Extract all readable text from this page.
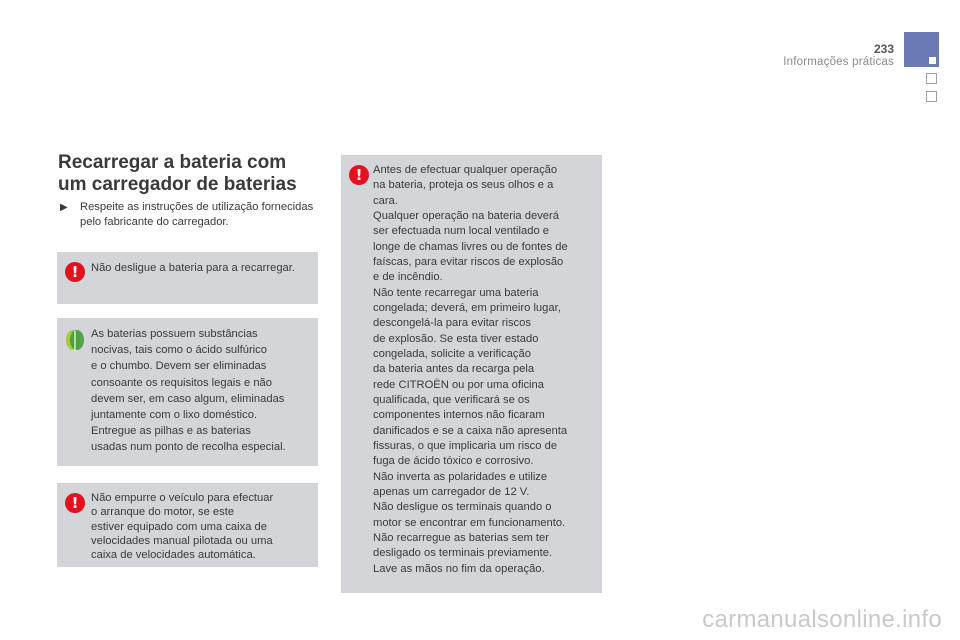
233
Informações práticas
Recarregar a bateria com
um carregador de baterias
▶	Respeite as instruções de utilização fornecidas pelo fabricante do carregador.
!	Não desligue a bateria para a recarregar.

As baterias possuem substâncias
nocivas, tais como o ácido sulfúrico
e o chumbo. Devem ser eliminadas
consoante os requisitos legais e não
devem ser, em caso algum, eliminadas
juntamente com o lixo doméstico.
Entregue as pilhas e as baterias
usadas num ponto de recolha especial.

!	Não empurre o veículo para efectuar
o arranque do motor, se este
estiver equipado com uma caixa de
velocidades manual pilotada ou uma
caixa de velocidades automática.

! Antes de efectuar qualquer operação
na bateria, proteja os seus olhos e a
cara.
Qualquer operação na bateria deverá
ser efectuada num local ventilado e
longe de chamas livres ou de fontes de
faíscas, para evitar riscos de explosão
e de incêndio.
Não tente recarregar uma bateria
congelada; deverá, em primeiro lugar,
descongelá-la para evitar riscos
de explosão. Se esta tiver estado
congelada, solicite a verificação
da bateria antes da recarga pela
rede CITROËN ou por uma oficina
qualificada, que verificará se os
componentes internos não ficaram
danificados e se a caixa não apresenta
fissuras, o que implicaria um risco de
fuga de ácido tóxico e corrosivo.
Não inverta as polaridades e utilize
apenas um carregador de 12 V.
Não desligue os terminais quando o
motor se encontrar em funcionamento.
Não recarregue as baterias sem ter
desligado os terminais previamente.
Lave as mãos no fim da operação.

carmanualsonline.info
